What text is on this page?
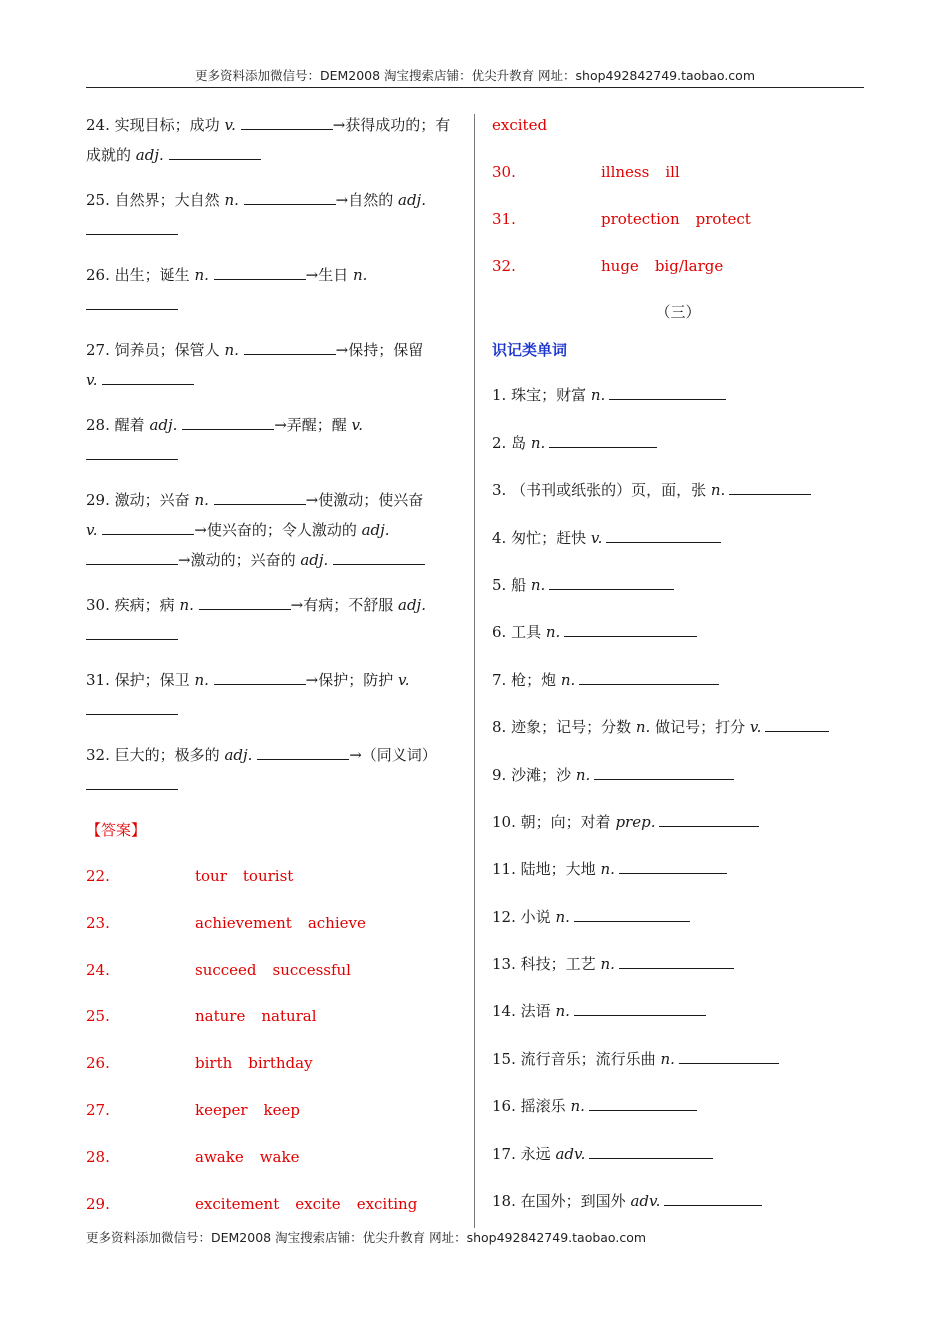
更多资料添加微信号：DEM2008 淘宝搜索店铺：优尖升教育 网址：shop492842749.taobao.com
24. 实现目标；成功 v.	→获得成功的；有成就的 adj.
25. 自然界；大自然 n.	→自然的 adj.

26. 出生；诞生 n.	→生日 n.

27. 饲养员；保管人 n.	→保持；保留
v.
28. 醒着 adj.	→弄醒；醒 v.

29. 激动；兴奋 n.	→使激动；使兴奋
v.	→使兴奋的；令人激动的 adj.
→激动的；兴奋的 adj.
30. 疾病；病 n.	→有病；不舒服 adj.

31. 保护；保卫 n.	→保护；防护 v.

32. 巨大的；极多的 adj.	→（同义词）
【答案】
22.	tour tourist
23.	achievement achieve
24.	succeed successful
25.	nature natural
26.	birth birthday
27.	keeper keep
28.	awake wake
29.	excitement excite exciting
excited
30.	illness ill
31.	protection protect
32.	huge big/large
（三）
识记类单词
1. 珠宝；财富 n.
2. 岛 n.
3. （书刊或纸张的）页，面，张 n.
4. 匆忙；赶快 v.
5. 船 n.
6. 工具 n.
7. 枪；炮 n.
8. 迹象；记号；分数 n. 做记号；打分 v.
9. 沙滩；沙 n.
10. 朝；向；对着 prep.
11. 陆地；大地 n.
12. 小说 n.
13. 科技；工艺 n.
14. 法语 n.
15. 流行音乐；流行乐曲 n.
16. 摇滚乐 n.
17. 永远 adv.
18. 在国外；到国外 adv.
更多资料添加微信号：DEM2008 淘宝搜索店铺：优尖升教育 网址：shop492842749.taobao.com
